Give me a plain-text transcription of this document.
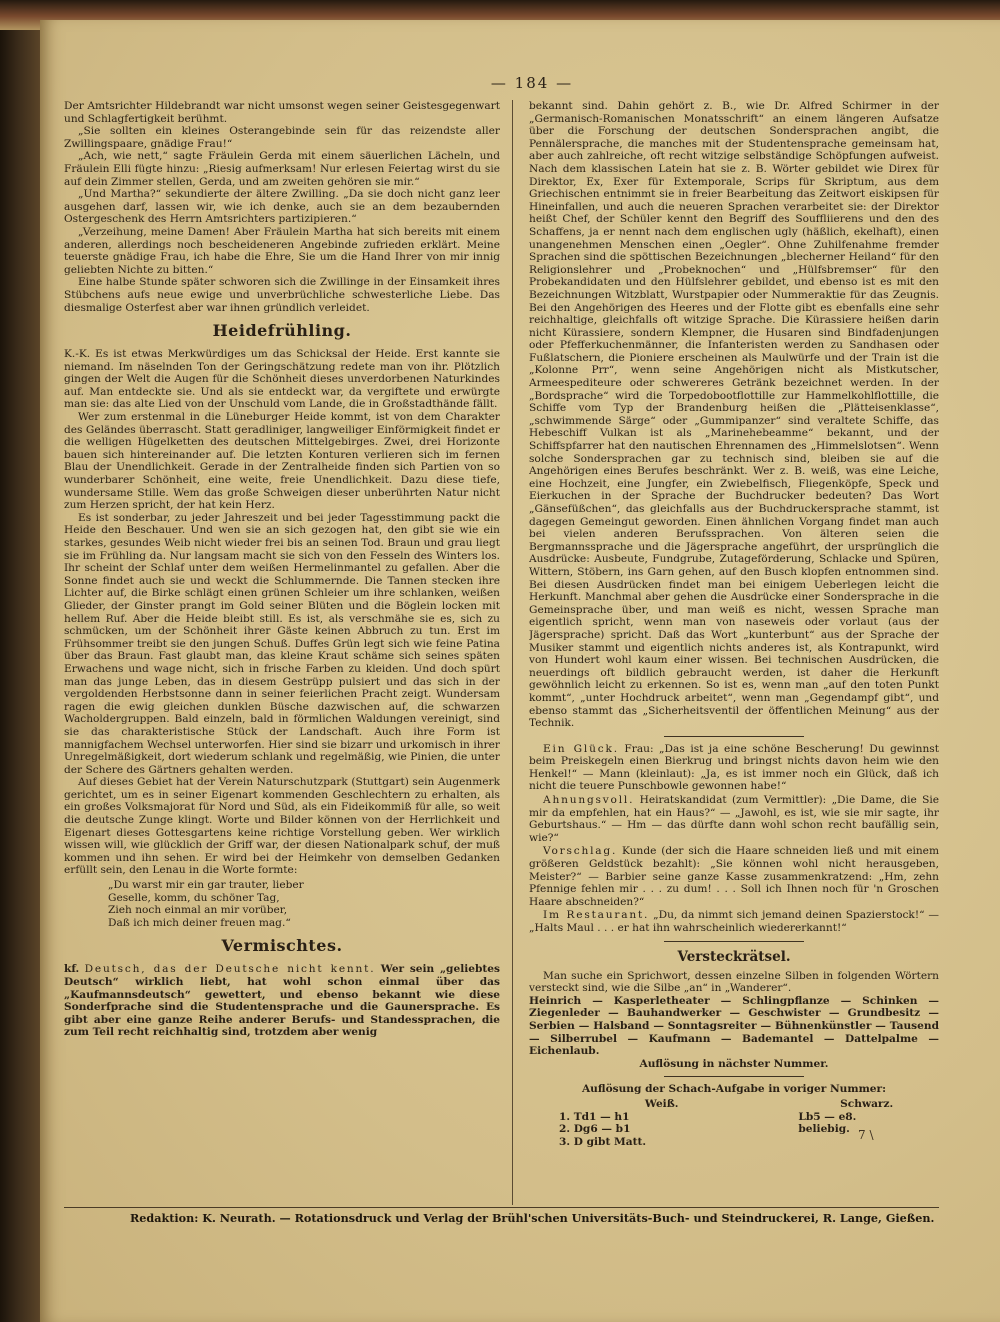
— 184 —

Der Amtsrichter Hildebrandt war nicht umsonst wegen seiner Geistesgegenwart und Schlagfertigkeit berühmt.

„Sie sollten ein kleines Osterangebinde sein für das reizendste aller Zwillingspaare, gnädige Frau!“

„Ach, wie nett,“ sagte Fräulein Gerda mit einem säuerlichen Lächeln, und Fräulein Elli fügte hinzu: „Riesig aufmerksam! Nur erlesen Feiertag wirst du sie auf dein Zimmer stellen, Gerda, und am zweiten gehören sie mir.“

„Und Martha?“ sekundierte der ältere Zwilling. „Da sie doch nicht ganz leer ausgehen darf, lassen wir, wie ich denke, auch sie an dem bezaubernden Ostergeschenk des Herrn Amtsrichters partizipieren.“

„Verzeihung, meine Damen! Aber Fräulein Martha hat sich bereits mit einem anderen, allerdings noch bescheideneren Angebinde zufrieden erklärt. Meine teuerste gnädige Frau, ich habe die Ehre, Sie um die Hand Ihrer von mir innig geliebten Nichte zu bitten.“

Eine halbe Stunde später schworen sich die Zwillinge in der Einsamkeit ihres Stübchens aufs neue ewige und unverbrüchliche schwesterliche Liebe. Das diesmalige Osterfest aber war ihnen gründlich verleidet.

Heidefrühling.

K.-K. Es ist etwas Merkwürdiges um das Schicksal der Heide. Erst kannte sie niemand. Im näselnden Ton der Geringschätzung redete man von ihr. Plötzlich gingen der Welt die Augen für die Schönheit dieses unverdorbenen Naturkindes auf. Man entdeckte sie. Und als sie entdeckt war, da vergiftete und erwürgte man sie: das alte Lied von der Unschuld vom Lande, die in Großstadthände fällt.

Wer zum erstenmal in die Lüneburger Heide kommt, ist von dem Charakter des Geländes überrascht. Statt geradliniger, langweiliger Einförmigkeit findet er die welligen Hügelketten des deutschen Mittelgebirges. Zwei, drei Horizonte bauen sich hintereinander auf. Die letzten Konturen verlieren sich im fernen Blau der Unendlichkeit. Gerade in der Zentralheide finden sich Partien von so wunderbarer Schönheit, eine weite, freie Unendlichkeit. Dazu diese tiefe, wundersame Stille. Wem das große Schweigen dieser unberührten Natur nicht zum Herzen spricht, der hat kein Herz.

Es ist sonderbar, zu jeder Jahreszeit und bei jeder Tagesstimmung packt die Heide den Beschauer. Und wen sie an sich gezogen hat, den gibt sie wie ein starkes, gesundes Weib nicht wieder frei bis an seinen Tod. Braun und grau liegt sie im Frühling da. Nur langsam macht sie sich von den Fesseln des Winters los. Ihr scheint der Schlaf unter dem weißen Hermelinmantel zu gefallen. Aber die Sonne findet auch sie und weckt die Schlummernde. Die Tannen stecken ihre Lichter auf, die Birke schlägt einen grünen Schleier um ihre schlanken, weißen Glieder, der Ginster prangt im Gold seiner Blüten und die Böglein locken mit hellem Ruf. Aber die Heide bleibt still. Es ist, als verschmähe sie es, sich zu schmücken, um der Schönheit ihrer Gäste keinen Abbruch zu tun. Erst im Frühsommer treibt sie den jungen Schuß. Duffes Grün legt sich wie feine Patina über das Braun. Fast glaubt man, das kleine Kraut schäme sich seines späten Erwachens und wage nicht, sich in frische Farben zu kleiden. Und doch spürt man das junge Leben, das in diesem Gestrüpp pulsiert und das sich in der vergoldenden Herbstsonne dann in seiner feierlichen Pracht zeigt. Wundersam ragen die ewig gleichen dunklen Büsche dazwischen auf, die schwarzen Wacholdergruppen. Bald einzeln, bald in förmlichen Waldungen vereinigt, sind sie das charakteristische Stück der Landschaft. Auch ihre Form ist mannigfachem Wechsel unterworfen. Hier sind sie bizarr und urkomisch in ihrer Unregelmäßigkeit, dort wiederum schlank und regelmäßig, wie Pinien, die unter der Schere des Gärtners gehalten werden.

Auf dieses Gebiet hat der Verein Naturschutzpark (Stuttgart) sein Augenmerk gerichtet, um es in seiner Eigenart kommenden Geschlechtern zu erhalten, als ein großes Volksmajorat für Nord und Süd, als ein Fideikommiß für alle, so weit die deutsche Zunge klingt. Worte und Bilder können von der Herrlichkeit und Eigenart dieses Gottesgartens keine richtige Vorstellung geben. Wer wirklich wissen will, wie glücklich der Griff war, der diesen Nationalpark schuf, der muß kommen und ihn sehen. Er wird bei der Heimkehr von demselben Gedanken erfüllt sein, den Lenau in die Worte formte:

„Du warst mir ein gar trauter, lieber
Geselle, komm, du schöner Tag,
Zieh noch einmal an mir vorüber,
Daß ich mich deiner freuen mag.“
Vermischtes.

kf. Deutsch, das der Deutsche nicht kennt. Wer sein „geliebtes Deutsch“ wirklich liebt, hat wohl schon einmal über das „Kaufmannsdeutsch“ gewettert, und ebenso bekannt wie diese Sonderfprache sind die Studentensprache und die Gaunersprache. Es gibt aber eine ganze Reihe anderer Berufs- und Standessprachen, die zum Teil recht reichhaltig sind, trotzdem aber wenig

bekannt sind. Dahin gehört z. B., wie Dr. Alfred Schirmer in der „Germanisch-Romanischen Monatsschrift“ an einem längeren Aufsatze über die Forschung der deutschen Sondersprachen angibt, die Pennälersprache, die manches mit der Studentensprache gemeinsam hat, aber auch zahlreiche, oft recht witzige selbständige Schöpfungen aufweist. Nach dem klassischen Latein hat sie z. B. Wörter gebildet wie Direx für Direktor, Ex, Exer für Extemporale, Scrips für Skriptum, aus dem Griechischen entnimmt sie in freier Bearbeitung das Zeitwort eiskipsen für Hineinfallen, und auch die neueren Sprachen verarbeitet sie: der Direktor heißt Chef, der Schüler kennt den Begriff des Souffliierens und den des Schaffens, ja er nennt nach dem englischen ugly (häßlich, ekelhaft), einen unangenehmen Menschen einen „Oegler“. Ohne Zuhilfenahme fremder Sprachen sind die spöttischen Bezeichnungen „blecherner Heiland“ für den Religionslehrer und „Probeknochen“ und „Hülfsbremser“ für den Probekandidaten und den Hülfslehrer gebildet, und ebenso ist es mit den Bezeichnungen Witzblatt, Wurstpapier oder Nummeraktie für das Zeugnis. Bei den Angehörigen des Heeres und der Flotte gibt es ebenfalls eine sehr reichhaltige, gleichfalls oft witzige Sprache. Die Kürassiere heißen darin nicht Kürassiere, sondern Klempner, die Husaren sind Bindfadenjungen oder Pfefferkuchenmänner, die Infanteristen werden zu Sandhasen oder Fußlatschern, die Pioniere erscheinen als Maulwürfe und der Train ist die „Kolonne Prr“, wenn seine Angehörigen nicht als Mistkutscher, Armeespediteure oder schwereres Getränk bezeichnet werden. In der „Bordsprache“ wird die Torpedobootflottille zur Hammelkohlflottille, die Schiffe vom Typ der Brandenburg heißen die „Plätteisenklasse“, „schwimmende Särge“ oder „Gummipanzer“ sind veraltete Schiffe, das Hebeschiff Vulkan ist als „Marinehebeamme“ bekannt, und der Schiffspfarrer hat den nautischen Ehrennamen des „Himmelslotsen“. Wenn solche Sondersprachen gar zu technisch sind, bleiben sie auf die Angehörigen eines Berufes beschränkt. Wer z. B. weiß, was eine Leiche, eine Hochzeit, eine Jungfer, ein Zwiebelfisch, Fliegenköpfe, Speck und Eierkuchen in der Sprache der Buchdrucker bedeuten? Das Wort „Gänsefüßchen“, das gleichfalls aus der Buchdruckersprache stammt, ist dagegen Gemeingut geworden. Einen ähnlichen Vorgang findet man auch bei vielen anderen Berufssprachen. Von älteren seien die Bergmannssprache und die Jägersprache angeführt, der ursprünglich die Ausdrücke: Ausbeute, Fundgrube, Zutageförderung, Schlacke und Spüren, Wittern, Stöbern, ins Garn gehen, auf den Busch klopfen entnommen sind. Bei diesen Ausdrücken findet man bei einigem Ueberlegen leicht die Herkunft. Manchmal aber gehen die Ausdrücke einer Sondersprache in die Gemeinsprache über, und man weiß es nicht, wessen Sprache man eigentlich spricht, wenn man von naseweis oder vorlaut (aus der Jägersprache) spricht. Daß das Wort „kunterbunt“ aus der Sprache der Musiker stammt und eigentlich nichts anderes ist, als Kontrapunkt, wird von Hundert wohl kaum einer wissen. Bei technischen Ausdrücken, die neuerdings oft bildlich gebraucht werden, ist daher die Herkunft gewöhnlich leicht zu erkennen. So ist es, wenn man „auf den toten Punkt kommt“, „unter Hochdruck arbeitet“, wenn man „Gegendampf gibt“, und ebenso stammt das „Sicherheitsventil der öffentlichen Meinung“ aus der Technik.

Ein Glück. Frau: „Das ist ja eine schöne Bescherung! Du gewinnst beim Preiskegeln einen Bierkrug und bringst nichts davon heim wie den Henkel!“ — Mann (kleinlaut): „Ja, es ist immer noch ein Glück, daß ich nicht die teuere Punschbowle gewonnen habe!“

Ahnungsvoll. Heiratskandidat (zum Vermittler): „Die Dame, die Sie mir da empfehlen, hat ein Haus?“ — „Jawohl, es ist, wie sie mir sagte, ihr Geburtshaus.“ — Hm — das dürfte dann wohl schon recht baufällig sein, wie?“

Vorschlag. Kunde (der sich die Haare schneiden ließ und mit einem größeren Geldstück bezahlt): „Sie können wohl nicht herausgeben, Meister?“ — Barbier seine ganze Kasse zusammenkratzend: „Hm, zehn Pfennige fehlen mir . . . zu dum! . . . Soll ich Ihnen noch für 'n Groschen Haare abschneiden?“

Im Restaurant. „Du, da nimmt sich jemand deinen Spazierstock!“ — „Halts Maul . . . er hat ihn wahrscheinlich wiedererkannt!“

Versteckrätsel.

Man suche ein Sprichwort, dessen einzelne Silben in folgenden Wörtern versteckt sind, wie die Silbe „an“ in „Wanderer“.

Heinrich — Kasperletheater — Schlingpflanze — Schinken — Ziegenleder — Bauhandwerker — Geschwister — Grundbesitz — Serbien — Halsband — Sonntagsreiter — Bühnenkünstler — Tausend — Silberrubel — Kaufmann — Bademantel — Dattelpalme — Eichenlaub.

Auflösung in nächster Nummer.
Auflösung der Schach-Aufgabe in voriger Nummer:
Weiß.	Schwarz.
1. Td1 — h1	Lb5 — e8.
2. Dg6 — b1	beliebig.
3. D gibt Matt.		7 \
Redaktion: K. Neurath. — Rotationsdruck und Verlag der Brühl'schen Universitäts-Buch- und Steindruckerei, R. Lange, Gießen.
